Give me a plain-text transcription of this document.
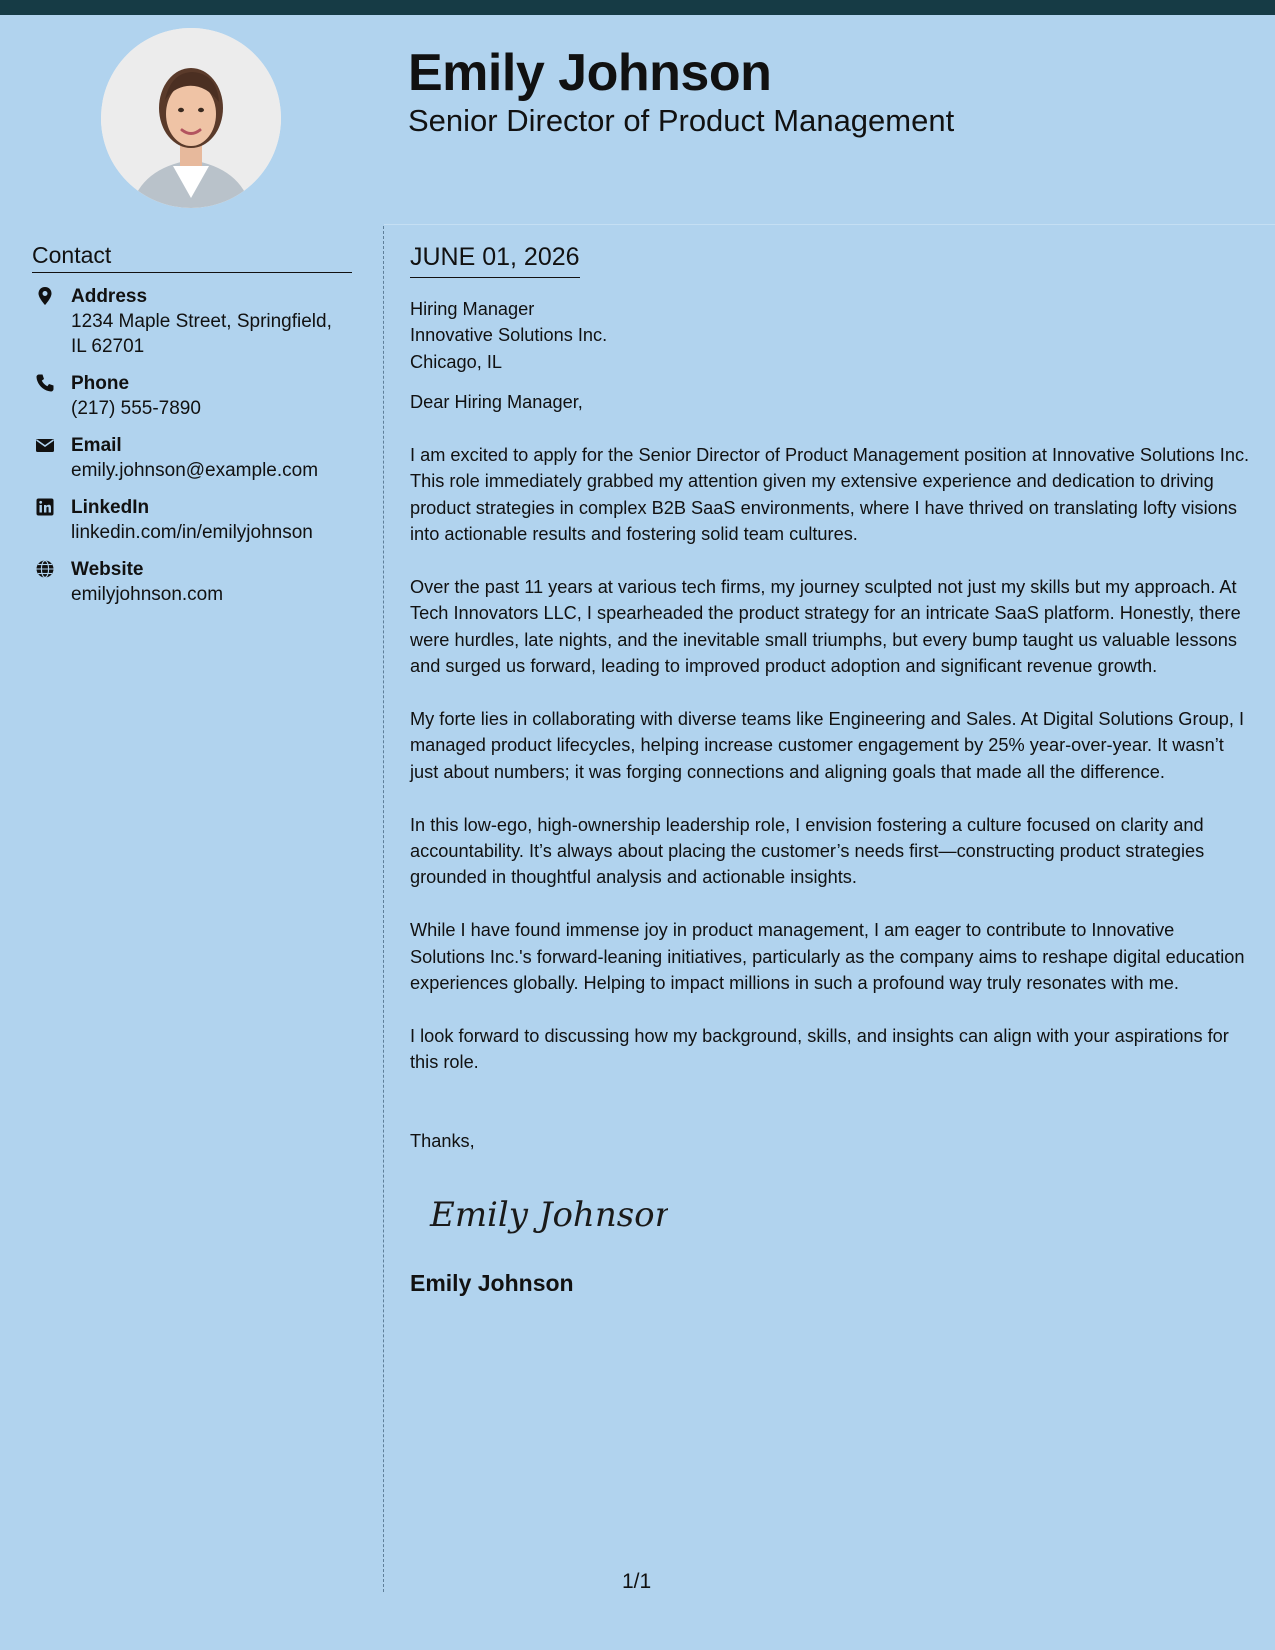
Emily Johnson
Senior Director of Product Management
Contact
Address
1234 Maple Street, Springfield, IL 62701
Phone
(217) 555-7890
Email
emily.johnson@example.com
LinkedIn
linkedin.com/in/emilyjohnson
Website
emilyjohnson.com
JUNE 01, 2026
Hiring Manager
Innovative Solutions Inc.
Chicago, IL

Dear Hiring Manager,

I am excited to apply for the Senior Director of Product Management position at Innovative Solutions Inc. This role immediately grabbed my attention given my extensive experience and dedication to driving product strategies in complex B2B SaaS environments, where I have thrived on translating lofty visions into actionable results and fostering solid team cultures.

Over the past 11 years at various tech firms, my journey sculpted not just my skills but my approach. At Tech Innovators LLC, I spearheaded the product strategy for an intricate SaaS platform. Honestly, there were hurdles, late nights, and the inevitable small triumphs, but every bump taught us valuable lessons and surged us forward, leading to improved product adoption and significant revenue growth.

My forte lies in collaborating with diverse teams like Engineering and Sales. At Digital Solutions Group, I managed product lifecycles, helping increase customer engagement by 25% year-over-year. It wasn’t just about numbers; it was forging connections and aligning goals that made all the difference.

In this low-ego, high-ownership leadership role, I envision fostering a culture focused on clarity and accountability. It’s always about placing the customer’s needs first—constructing product strategies grounded in thoughtful analysis and actionable insights.

While I have found immense joy in product management, I am eager to contribute to Innovative Solutions Inc.'s forward-leaning initiatives, particularly as the company aims to reshape digital education experiences globally. Helping to impact millions in such a profound way truly resonates with me.

I look forward to discussing how my background, skills, and insights can align with your aspirations for this role.

Thanks,

Emily Johnson
Emily Johnson
1/1
